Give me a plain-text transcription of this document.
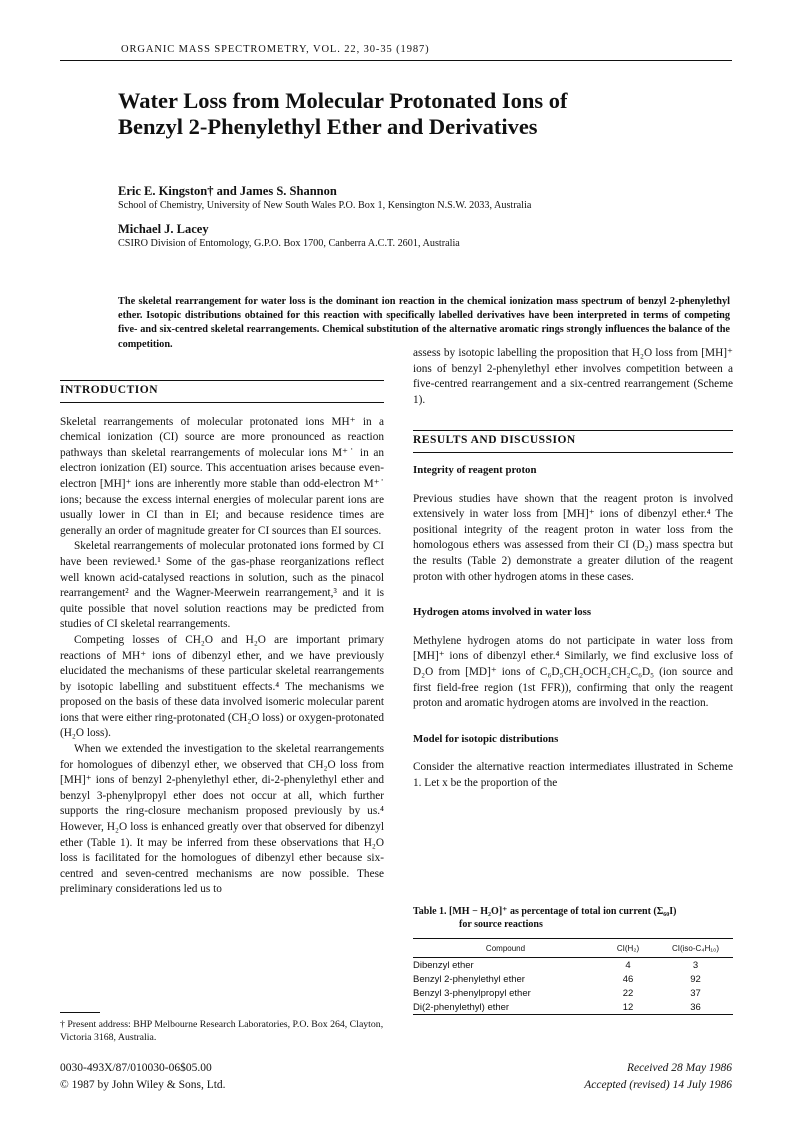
ORGANIC MASS SPECTROMETRY, VOL. 22, 30-35 (1987)
Water Loss from Molecular Protonated Ions of
Benzyl 2-Phenylethyl Ether and Derivatives
Eric E. Kingston† and James S. Shannon
School of Chemistry, University of New South Wales P.O. Box 1, Kensington N.S.W. 2033, Australia
Michael J. Lacey
CSIRO Division of Entomology, G.P.O. Box 1700, Canberra A.C.T. 2601, Australia
The skeletal rearrangement for water loss is the dominant ion reaction in the chemical ionization mass spectrum of benzyl 2-phenylethyl ether. Isotopic distributions obtained for this reaction with specifically labelled derivatives have been interpreted in terms of competing five- and six-centred skeletal rearrangements. Chemical substitution of the alternative aromatic rings strongly influences the balance of the competition.
INTRODUCTION

Skeletal rearrangements of molecular protonated ions MH⁺ in a chemical ionization (CI) source are more pronounced as reaction pathways than skeletal rearrangements of molecular ions M⁺˙ in an electron ionization (EI) source. This accentuation arises because even-electron [MH]⁺ ions are inherently more stable than odd-electron M⁺˙ ions; because the excess internal energies of molecular parent ions are usually lower in CI than in EI; and because residence times are generally an order of magnitude greater for CI sources than EI sources.

Skeletal rearrangements of molecular protonated ions formed by CI have been reviewed.¹ Some of the gas-phase reorganizations reflect well known acid-catalysed reactions in solution, such as the pinacol rearrangement² and the Wagner-Meerwein rearrangement,³ and it is quite possible that novel solution reactions may be predicted from studies of CI skeletal rearrangements.

Competing losses of CH₂O and H₂O are important primary reactions of MH⁺ ions of dibenzyl ether, and we have previously elucidated the mechanisms of these particular skeletal rearrangements by isotopic labelling and substituent effects.⁴ The mechanisms we proposed on the basis of these data involved isomeric molecular parent ions that were either ring-protonated (CH₂O loss) or oxygen-protonated (H₂O loss).

When we extended the investigation to the skeletal rearrangements for homologues of dibenzyl ether, we observed that CH₂O loss from [MH]⁺ ions of benzyl 2-phenylethyl ether, di-2-phenylethyl ether and benzyl 3-phenylpropyl ether does not occur at all, which further supports the ring-closure mechanism proposed previously by us.⁴ However, H₂O loss is enhanced greatly over that observed for dibenzyl ether (Table 1). It may be inferred from these observations that H₂O loss is facilitated for the homologues of dibenzyl ether because six-centred and seven-centred mechanisms are now possible. These preliminary considerations led us to

† Present address: BHP Melbourne Research Laboratories, P.O. Box 264, Clayton, Victoria 3168, Australia.
0030-493X/87/010030-06$05.00
© 1987 by John Wiley & Sons, Ltd.

assess by isotopic labelling the proposition that H₂O loss from [MH]⁺ ions of benzyl 2-phenylethyl ether involves competition between a five-centred rearrangement and a six-centred rearrangement (Scheme 1).

RESULTS AND DISCUSSION
Integrity of reagent proton

Previous studies have shown that the reagent proton is involved extensively in water loss from [MH]⁺ ions of dibenzyl ether.⁴ The positional integrity of the reagent proton in water loss from the homologous ethers was assessed from their CI (D₂) mass spectra but the results (Table 2) demonstrate a greater dilution of the reagent proton with other hydrogen atoms in these cases.

Hydrogen atoms involved in water loss

Methylene hydrogen atoms do not participate in water loss from [MH]⁺ ions of dibenzyl ether.⁴ Similarly, we find exclusive loss of D₂O from [MD]⁺ ions of C₆D₅CH₂OCH₂CH₂C₆D₅ (ion source and first field-free region (1st FFR)), confirming that only the reagent proton and aromatic hydrogen atoms are involved in the reaction.

Model for isotopic distributions

Consider the alternative reaction intermediates illustrated in Scheme 1. Let x be the proportion of the

Table 1. [MH − H₂O]⁺ as percentage of total ion current (Σ₆₀I)
for source reactions
Compound	CI(H₂)	CI(iso-C₄H₁₀)
Dibenzyl ether	4	3
Benzyl 2-phenylethyl ether	46	92
Benzyl 3-phenylpropyl ether	22	37
Di(2-phenylethyl) ether	12	36
Received 28 May 1986
Accepted (revised) 14 July 1986
